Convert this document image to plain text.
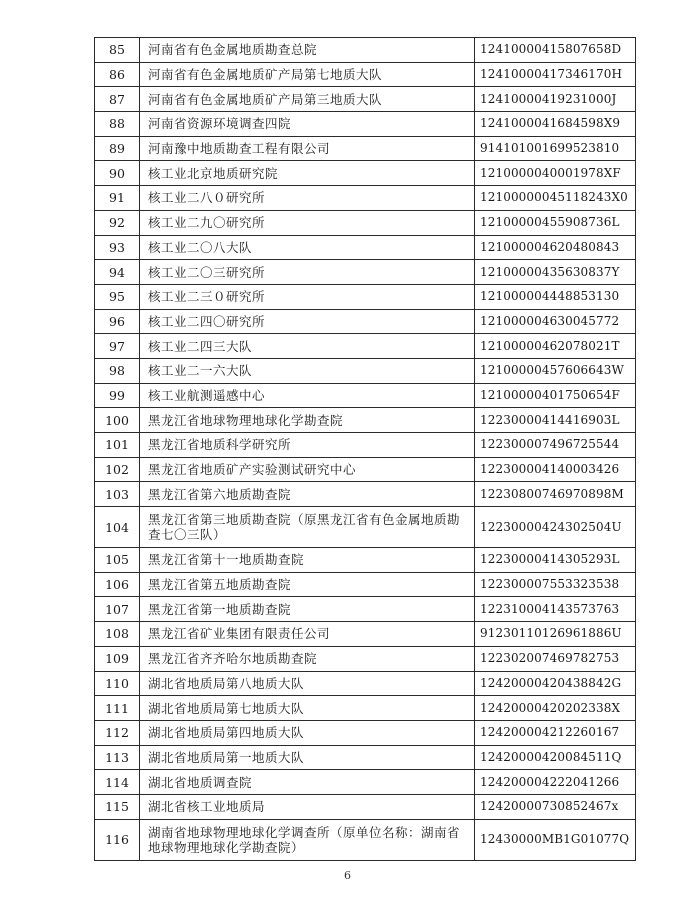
85	河南省有色金属地质勘查总院	12410000415807658D
86	河南省有色金属地质矿产局第七地质大队	12410000417346170H
87	河南省有色金属地质矿产局第三地质大队	12410000419231000J
88	河南省资源环境调查四院	1241000041684598X9
89	河南豫中地质勘查工程有限公司	914101001699523810
90	核工业北京地质研究院	1210000040001978XF
91	核工业二八０研究所	12100000045118243X0
92	核工业二九〇研究所	12100000455908736L
93	核工业二〇八大队	121000004620480843
94	核工业二〇三研究所	12100000435630837Y
95	核工业二三０研究所	121000004448853130
96	核工业二四〇研究所	121000004630045772
97	核工业二四三大队	12100000462078021T
98	核工业二一六大队	12100000457606643W
99	核工业航测遥感中心	12100000401750654F
100	黑龙江省地球物理地球化学勘查院	12230000414416903L
101	黑龙江省地质科学研究所	122300007496725544
102	黑龙江省地质矿产实验测试研究中心	122300004140003426
103	黑龙江省第六地质勘查院	12230800746970898M
104	黑龙江省第三地质勘查院（原黑龙江省有色金属地质勘查七〇三队）	12230000424302504U
105	黑龙江省第十一地质勘查院	12230000414305293L
106	黑龙江省第五地质勘查院	122300007553323538
107	黑龙江省第一地质勘查院	122310004143573763
108	黑龙江省矿业集团有限责任公司	91230110126961886U
109	黑龙江省齐齐哈尔地质勘查院	122302007469782753
110	湖北省地质局第八地质大队	12420000420438842G
111	湖北省地质局第七地质大队	12420000420202338X
112	湖北省地质局第四地质大队	124200004212260167
113	湖北省地质局第一地质大队	12420000420084511Q
114	湖北省地质调查院	124200004222041266
115	湖北省核工业地质局	12420000730852467x
116	湖南省地球物理地球化学调查所（原单位名称：湖南省地球物理地球化学勘查院）	12430000MB1G01077Q
6
